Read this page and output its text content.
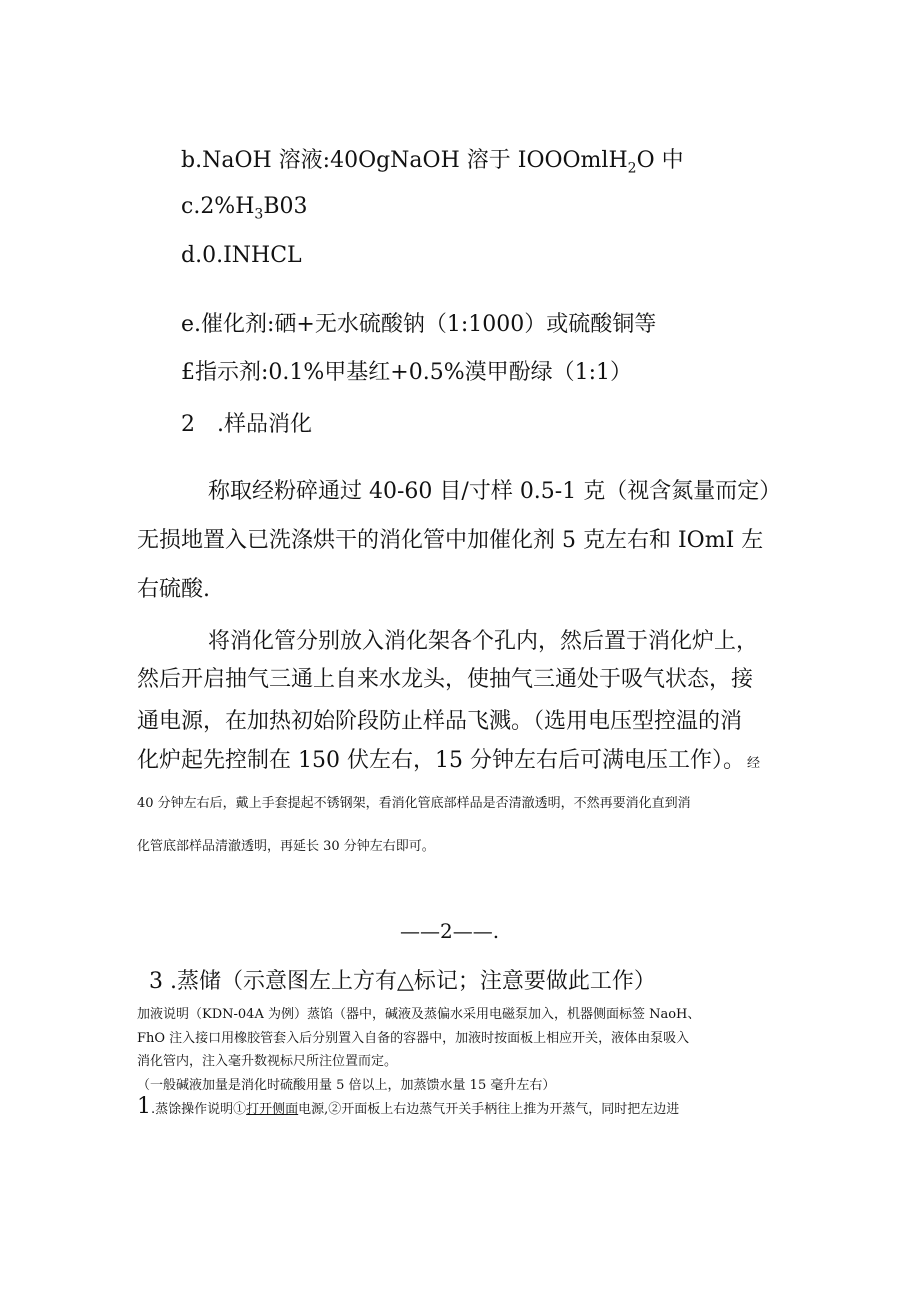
b.NaOH 溶液:40OgNaOH 溶于 IOOOmlH$_2$O 中

$c.2\%H_3B03$

d.0.INHCL

e.催化剂:硒+无水硫酸钠（1:1000）或硫酸铜等

£指示剂:0.1%甲基红+0.5%漠甲酚绿（1:1）

2　.样品消化

称取经粉碎通过 40-60 目/寸样 0.5-1 克（视含氮量而定）

无损地置入已洗涤烘干的消化管中加催化剂 5 克左右和 IOmI 左

右硫酸.

将消化管分别放入消化架各个孔内，然后置于消化炉上，

然后开启抽气三通上自来水龙头，使抽气三通处于吸气状态，接

通电源，在加热初始阶段防止样品飞溅。（选用电压型控温的消

化炉起先控制在 150 伏左右，15 分钟左右后可满电压工作）。 经

40 分钟左右后，戴上手套提起不锈钢架，看消化管底部样品是否清澈透明，不然再要消化直到消

化管底部样品清澈透明，再延长 30 分钟左右即可。

——2——.

3 .蒸储（示意图左上方有△标记；注意要做此工作）

加液说明（KDN-04A 为例）蒸馅（器中，碱液及蒸偏水采用电磁泵加入，机器侧面标签 NaoH、

FhO 注入接口用橡胶管套入后分别置入自备的容器中，加液时按面板上相应开关，液体由泵吸入

消化管内，注入毫升数视标尺所注位置而定。

（一般碱液加量是消化时硫酸用量 5 倍以上，加蒸馈水量 15 毫升左右）

1.蒸馀操作说明①打开侧面电源,②开面板上右边蒸气开关手柄往上推为开蒸气，同时把左边进
